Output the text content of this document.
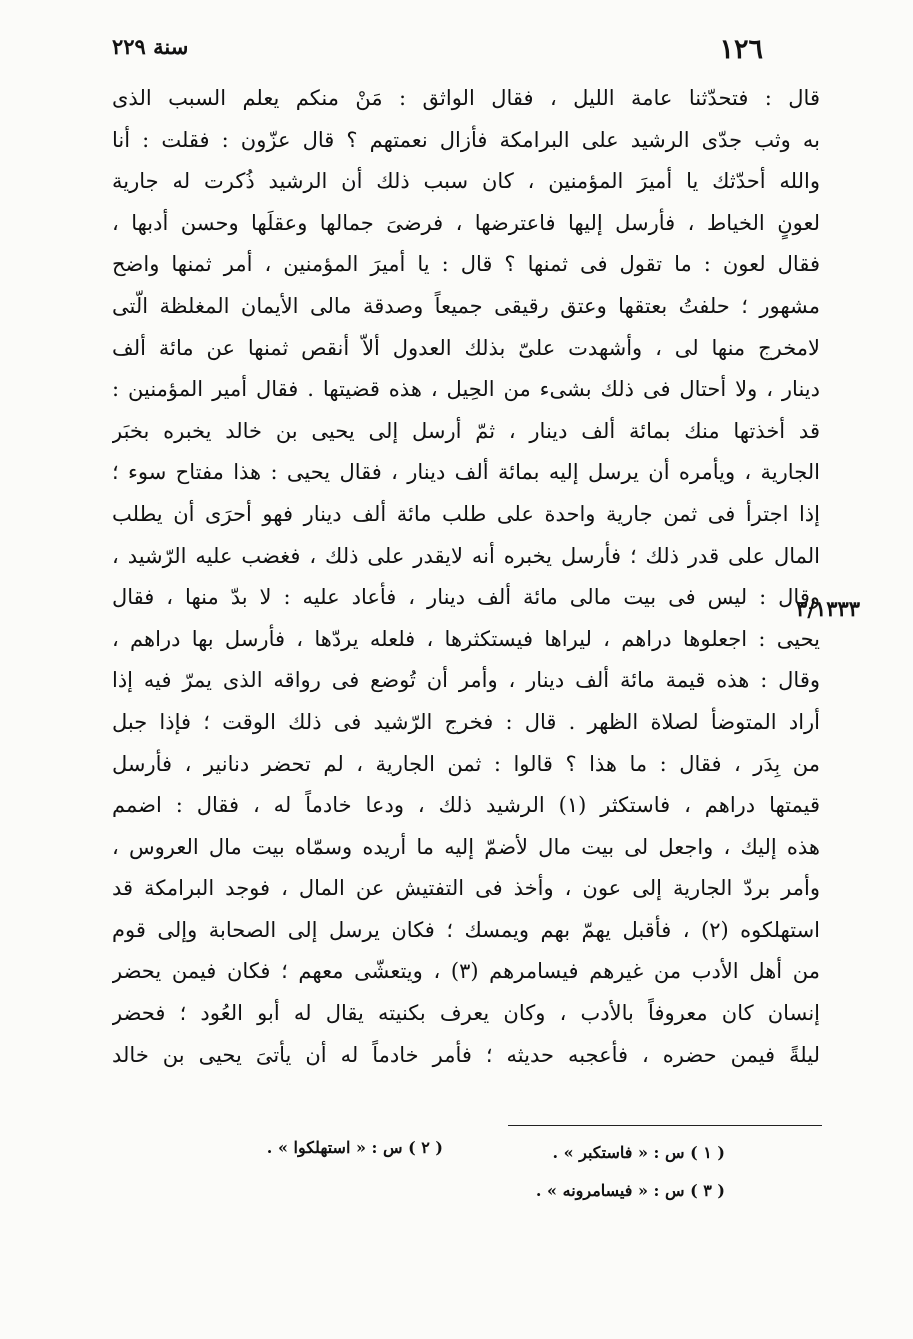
١٢٦
سنة ٢٢٩
٣/١٣٣٣
قال : فتحدّثنا عامة الليل ، فقال الواثق : مَنْ منكم يعلم السبب الذى
به وثب جدّى الرشيد على البرامكة فأزال نعمتهم ؟ قال عزّون : فقلت : أنا
والله أحدّثك يا أميرَ المؤمنين ، كان سبب ذلك أن الرشيد ذُكرت له جارية
لعونٍ الخياط ، فأرسل إليها فاعترضها ، فرضىَ جمالها وعقلَها وحسن أدبها ،
فقال لعون : ما تقول فى ثمنها ؟ قال : يا أميرَ المؤمنين ، أمر ثمنها واضح
مشهور ؛ حلفتُ بعتقها وعتق رقيقى جميعاً وصدقة مالى الأيمان المغلظة الّتى
لامخرج منها لى ، وأشهدت علىّ بذلك العدول ألاّ أنقص ثمنها عن مائة ألف
دينار ، ولا أحتال فى ذلك بشىء من الحِيل ، هذه قضيتها . فقال أمير المؤمنين :
قد أخذتها منك بمائة ألف دينار ، ثمّ أرسل إلى يحيى بن خالد يخبره بخبَر
الجارية ، ويأمره أن يرسل إليه بمائة ألف دينار ، فقال يحيى : هذا مفتاح سوء ؛
إذا اجترأ فى ثمن جارية واحدة على طلب مائة ألف دينار فهو أحرَى أن يطلب
المال على قدر ذلك ؛ فأرسل يخبره أنه لايقدر على ذلك ، فغضب عليه الرّشيد ،
وقال : ليس فى بيت مالى مائة ألف دينار ، فأعاد عليه : لا بدّ منها ، فقال
يحيى : اجعلوها دراهم ، ليراها فيستكثرها ، فلعله يردّها ، فأرسل بها دراهم ،
وقال : هذه قيمة مائة ألف دينار ، وأمر أن تُوضع فى رواقه الذى يمرّ فيه إذا
أراد المتوضأ لصلاة الظهر . قال : فخرج الرّشيد فى ذلك الوقت ؛ فإذا جبل
من بِدَر ، فقال : ما هذا ؟ قالوا : ثمن الجارية ، لم تحضر دنانير ، فأرسل
قيمتها دراهم ، فاستكثر (١) الرشيد ذلك ، ودعا خادماً له ، فقال : اضمم
هذه إليك ، واجعل لى بيت مال لأضمّ إليه ما أريده وسمّاه بيت مال العروس ،
وأمر بردّ الجارية إلى عون ، وأخذ فى التفتيش عن المال ، فوجد البرامكة قد
استهلكوه (٢) ، فأقبل يهمّ بهم ويمسك ؛ فكان يرسل إلى الصحابة وإلى قوم
من أهل الأدب من غيرهم فيسامرهم (٣) ، ويتعشّى معهم ؛ فكان فيمن يحضر
إنسان كان معروفاً بالأدب ، وكان يعرف بكنيته يقال له أبو العُود ؛ فحضر
ليلةً فيمن حضره ، فأعجبه حديثه ؛ فأمر خادماً له أن يأتىَ يحيى بن خالد
( ١ ) س : « فاستكبر » .
( ٢ ) س : « استهلكوا » .
( ٣ ) س : « فيسامرونه » .
